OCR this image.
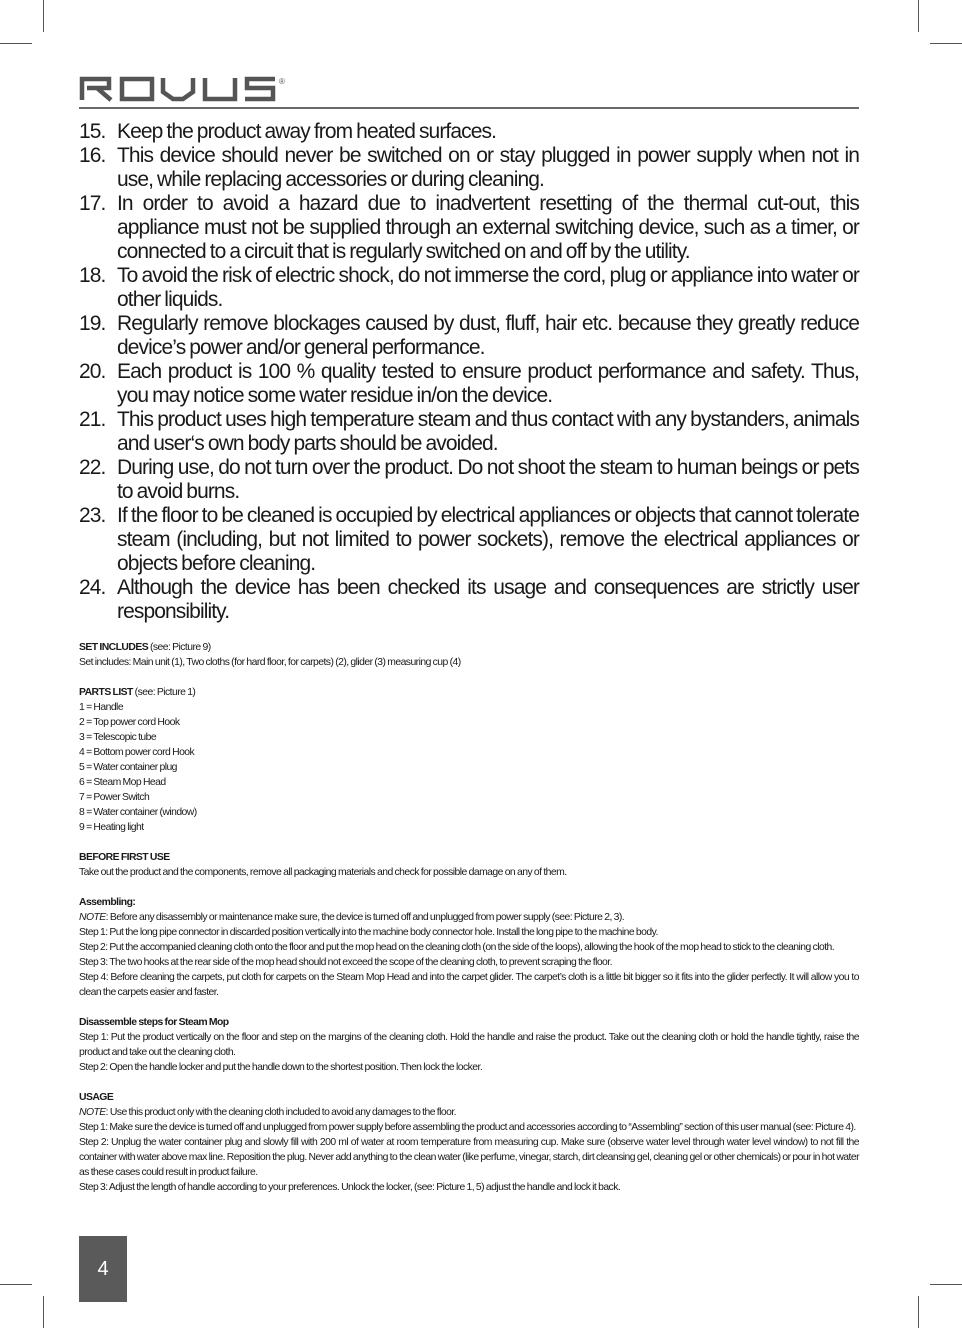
®
15. Keep the product away from heated surfaces.
16. This device should never be switched on or stay plugged in power supply when not in use, while replacing accessories or during cleaning.
17. In order to avoid a hazard due to inadvertent resetting of the thermal cut-out, this appliance must not be supplied through an external switching device, such as a timer, or connected to a circuit that is regularly switched on and off by the utility.
18. To avoid the risk of electric shock, do not immerse the cord, plug or appliance into water or other liquids.
19. Regularly remove blockages caused by dust, fluff, hair etc. because they greatly reduce device’s power and/or general performance.
20. Each product is 100 % quality tested to ensure product performance and safety. Thus, you may notice some water residue in/on the device.
21. This product uses high temperature steam and thus contact with any bystanders, animals and user‘s own body parts should be avoided.
22. During use, do not turn over the product. Do not shoot the steam to human beings or pets to avoid burns.
23. If the floor to be cleaned is occupied by electrical appliances or objects that cannot tolerate steam (including, but not limited to power sockets), remove the electrical appliances or objects before cleaning.
24. Although the device has been checked its usage and consequences are strictly user responsibility.

SET INCLUDES (see: Picture 9)

Set includes: Main unit (1), Two cloths (for hard floor, for carpets) (2), glider (3) measuring cup (4)

PARTS LIST (see: Picture 1)

1 = Handle

2 = Top power cord Hook

3 = Telescopic tube

4 = Bottom power cord Hook

5 = Water container plug

6 = Steam Mop Head

7 = Power Switch

8 = Water container (window)

9 = Heating light

BEFORE FIRST USE

Take out the product and the components, remove all packaging materials and check for possible damage on any of them.

Assembling:

NOTE: Before any disassembly or maintenance make sure, the device is turned off and unplugged from power supply (see: Picture 2, 3).

Step 1: Put the long pipe connector in discarded position vertically into the machine body connector hole. Install the long pipe to the machine body.

Step 2: Put the accompanied cleaning cloth onto the floor and put the mop head on the cleaning cloth (on the side of the loops), allowing the hook of the mop head to stick to the cleaning cloth.

Step 3: The two hooks at the rear side of the mop head should not exceed the scope of the cleaning cloth, to prevent scraping the floor.

Step 4: Before cleaning the carpets, put cloth for carpets on the Steam Mop Head and into the carpet glider. The carpet’s cloth is a little bit bigger so it fits into the glider perfectly. It will allow you to clean the carpets easier and faster.

Disassemble steps for Steam Mop

Step 1: Put the product vertically on the floor and step on the margins of the cleaning cloth. Hold the handle and raise the product. Take out the cleaning cloth or hold the handle tightly, raise the product and take out the cleaning cloth.

Step 2: Open the handle locker and put the handle down to the shortest position. Then lock the locker.

USAGE

NOTE: Use this product only with the cleaning cloth included to avoid any damages to the floor.

Step 1: Make sure the device is turned off and unplugged from power supply before assembling the product and accessories according to “Assembling” section of this user manual (see: Picture 4).

Step 2: Unplug the water container plug and slowly fill with 200 ml of water at room temperature from measuring cup. Make sure (observe water level through water level window) to not fill the container with water above max line. Reposition the plug. Never add anything to the clean water (like perfume, vinegar, starch, dirt cleansing gel, cleaning gel or other chemicals) or pour in hot water as these cases could result in product failure.

Step 3: Adjust the length of handle according to your preferences. Unlock the locker, (see: Picture 1, 5) adjust the handle and lock it back.

4
